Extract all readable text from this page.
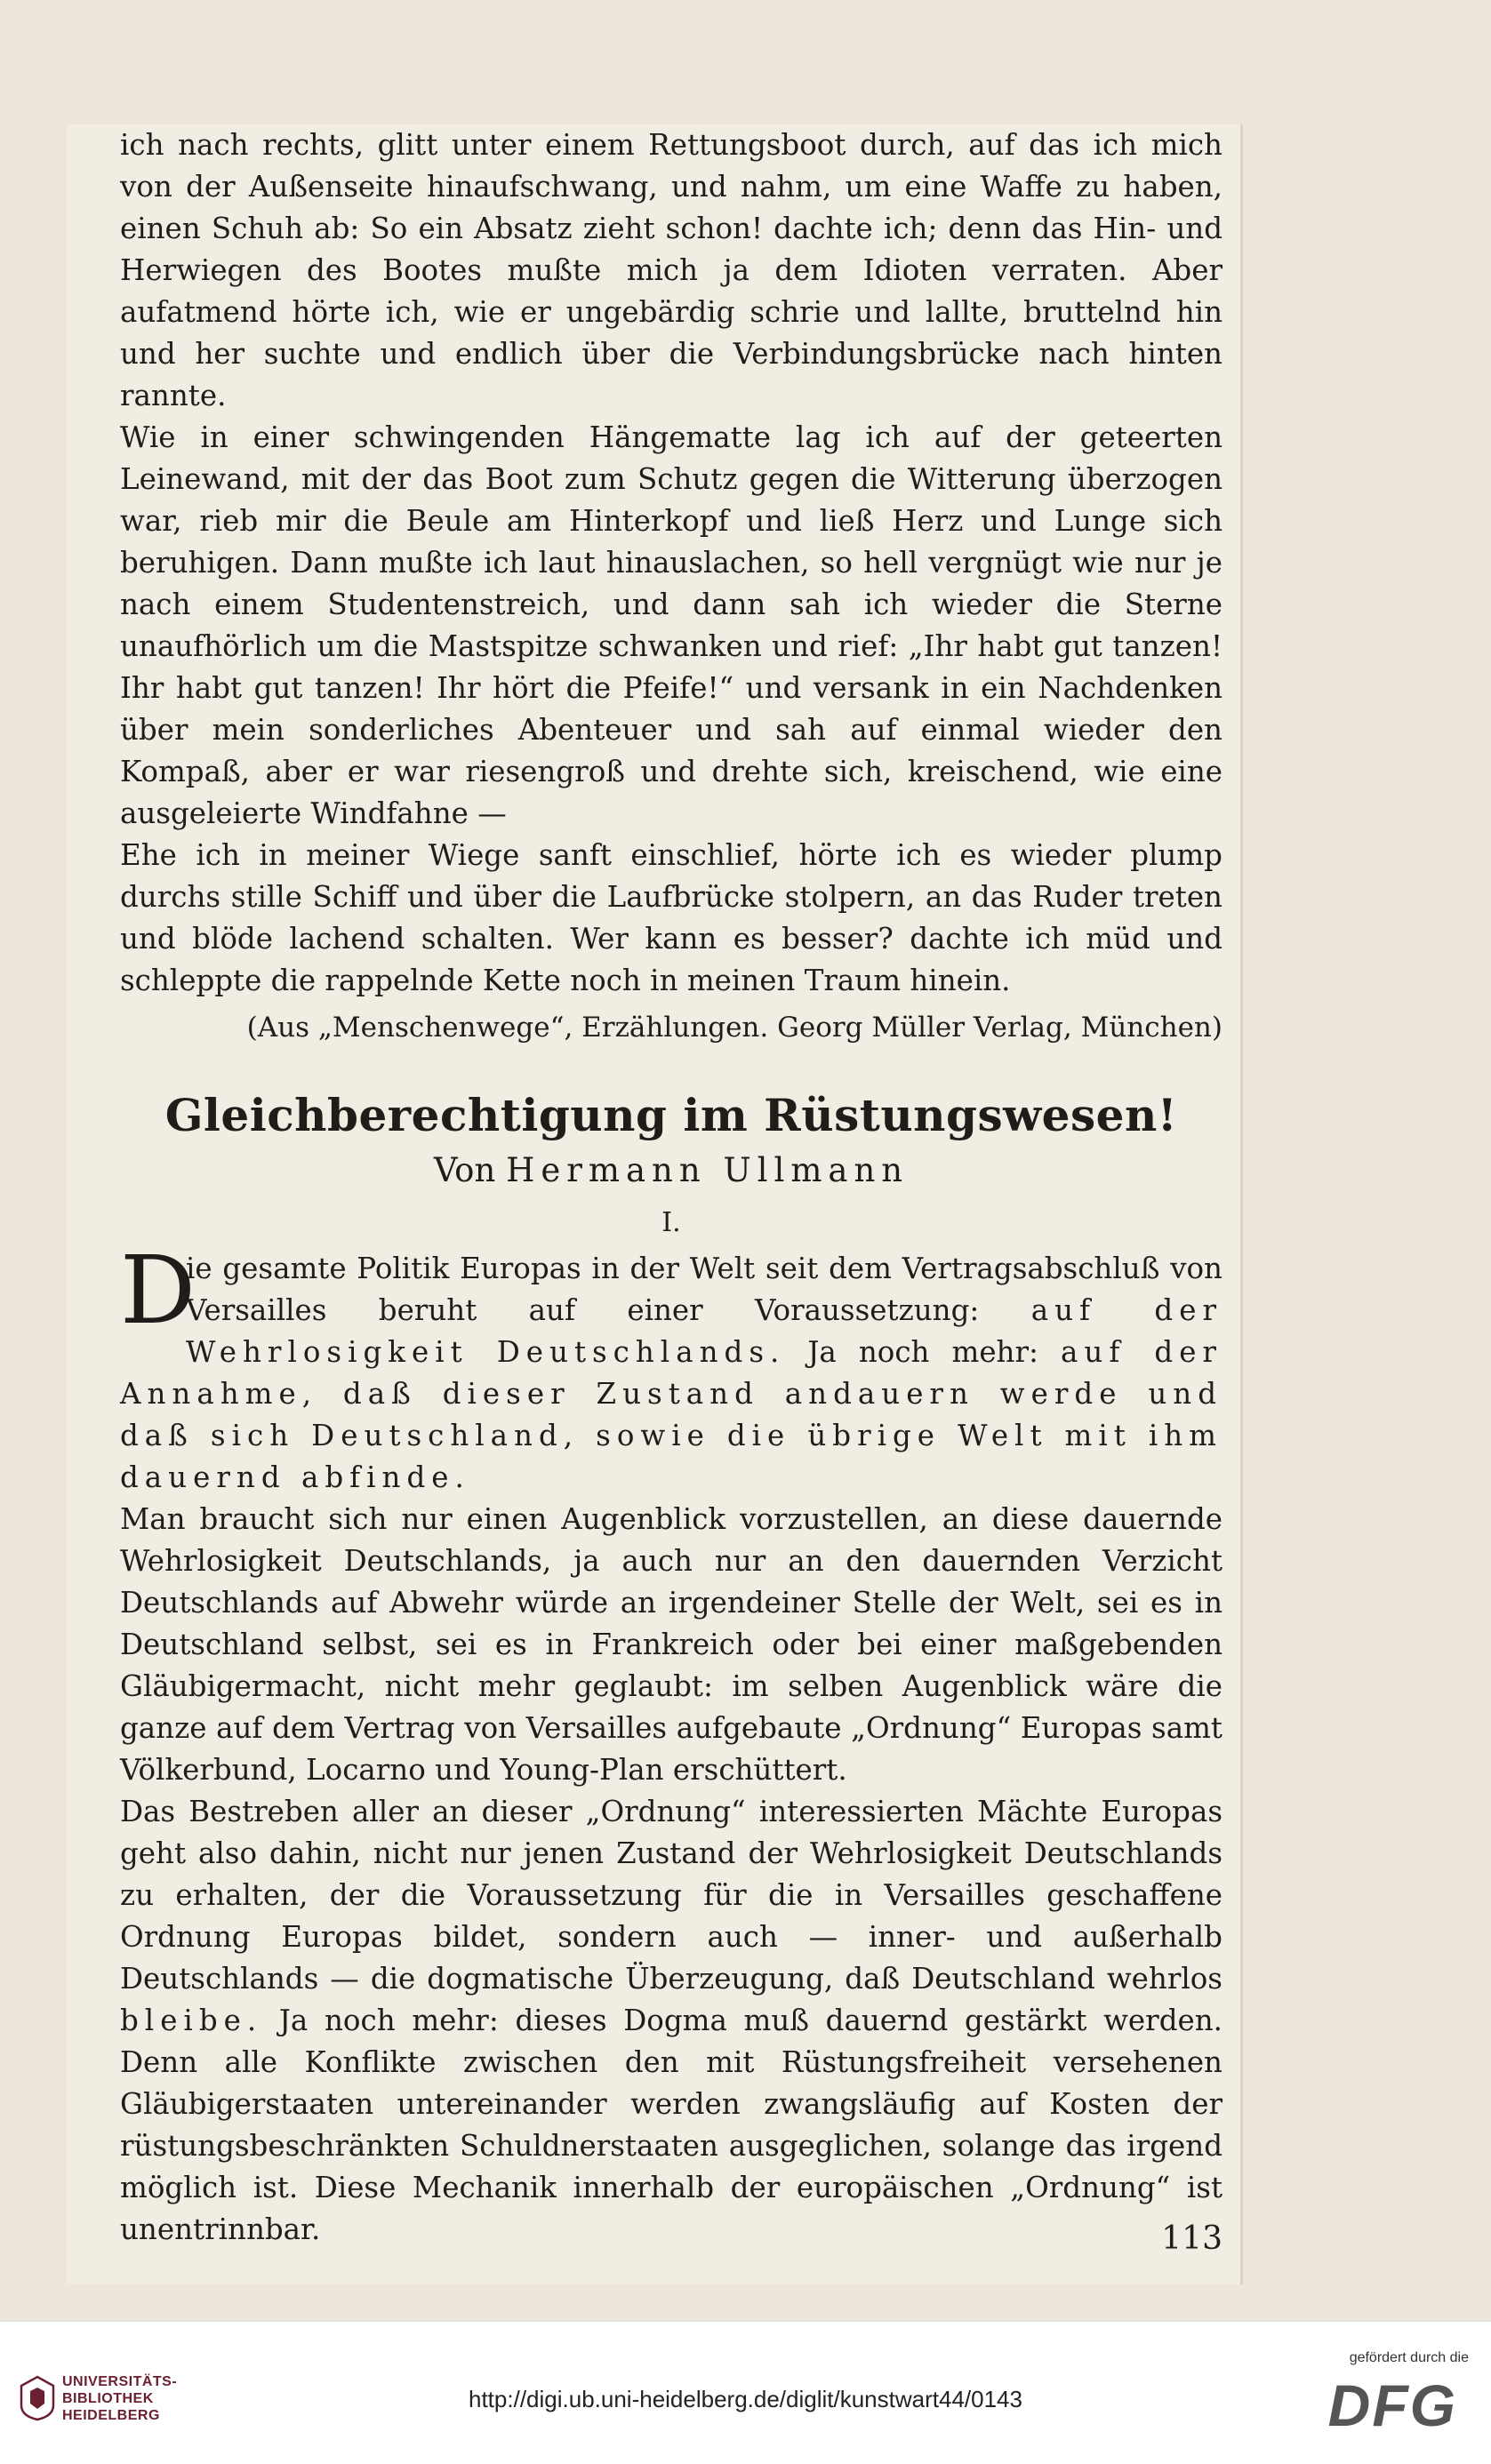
ich nach rechts, glitt unter einem Rettungsboot durch, auf das ich mich von der Außenseite hinaufschwang, und nahm, um eine Waffe zu haben, einen Schuh ab: So ein Absatz zieht schon! dachte ich; denn das Hin- und Herwiegen des Bootes mußte mich ja dem Idioten verraten. Aber aufatmend hörte ich, wie er ungebärdig schrie und lallte, bruttelnd hin und her suchte und endlich über die Verbindungsbrücke nach hinten rannte.

Wie in einer schwingenden Hängematte lag ich auf der geteerten Leinewand, mit der das Boot zum Schutz gegen die Witterung überzogen war, rieb mir die Beule am Hinterkopf und ließ Herz und Lunge sich beruhigen. Dann mußte ich laut hinauslachen, so hell vergnügt wie nur je nach einem Studentenstreich, und dann sah ich wieder die Sterne unaufhörlich um die Mastspitze schwanken und rief: „Ihr habt gut tanzen! Ihr habt gut tanzen! Ihr hört die Pfeife!“ und versank in ein Nachdenken über mein sonderliches Abenteuer und sah auf einmal wieder den Kompaß, aber er war riesengroß und drehte sich, kreischend, wie eine ausgeleierte Windfahne —

Ehe ich in meiner Wiege sanft einschlief, hörte ich es wieder plump durchs stille Schiff und über die Laufbrücke stolpern, an das Ruder treten und blöde lachend schalten. Wer kann es besser? dachte ich müd und schleppte die rappelnde Kette noch in meinen Traum hinein.

(Aus „Menschenwege“, Erzählungen. Georg Müller Verlag, München)

Gleichberechtigung im Rüstungswesen!
Von Hermann Ullmann
I.

D
ie gesamte Politik Europas in der Welt seit dem Vertragsabschluß von Versailles beruht auf einer Voraussetzung: auf der Wehrlosigkeit Deutschlands. Ja noch mehr: auf der Annahme, daß dieser Zustand andauern werde und daß sich Deutschland, sowie die übrige Welt mit ihm dauernd abfinde.

Man braucht sich nur einen Augenblick vorzustellen, an diese dauernde Wehrlosigkeit Deutschlands, ja auch nur an den dauernden Verzicht Deutschlands auf Abwehr würde an irgendeiner Stelle der Welt, sei es in Deutschland selbst, sei es in Frankreich oder bei einer maßgebenden Gläubigermacht, nicht mehr geglaubt: im selben Augenblick wäre die ganze auf dem Vertrag von Versailles aufgebaute „Ordnung“ Europas samt Völkerbund, Locarno und Young-Plan erschüttert.

Das Bestreben aller an dieser „Ordnung“ interessierten Mächte Europas geht also dahin, nicht nur jenen Zustand der Wehrlosigkeit Deutschlands zu erhalten, der die Voraussetzung für die in Versailles geschaffene Ordnung Europas bildet, sondern auch — inner- und außerhalb Deutschlands — die dogmatische Überzeugung, daß Deutschland wehrlos bleibe. Ja noch mehr: dieses Dogma muß dauernd gestärkt werden. Denn alle Konflikte zwischen den mit Rüstungsfreiheit versehenen Gläubigerstaaten untereinander werden zwangsläufig auf Kosten der rüstungsbeschränkten Schuldnerstaaten ausgeglichen, solange das irgend möglich ist. Diese Mechanik innerhalb der europäischen „Ordnung“ ist unentrinnbar.	113
UNIVERSITÄTS-
BIBLIOTHEK
HEIDELBERG
http://digi.ub.uni-heidelberg.de/diglit/kunstwart44/0143
gefördert durch die
DFG
